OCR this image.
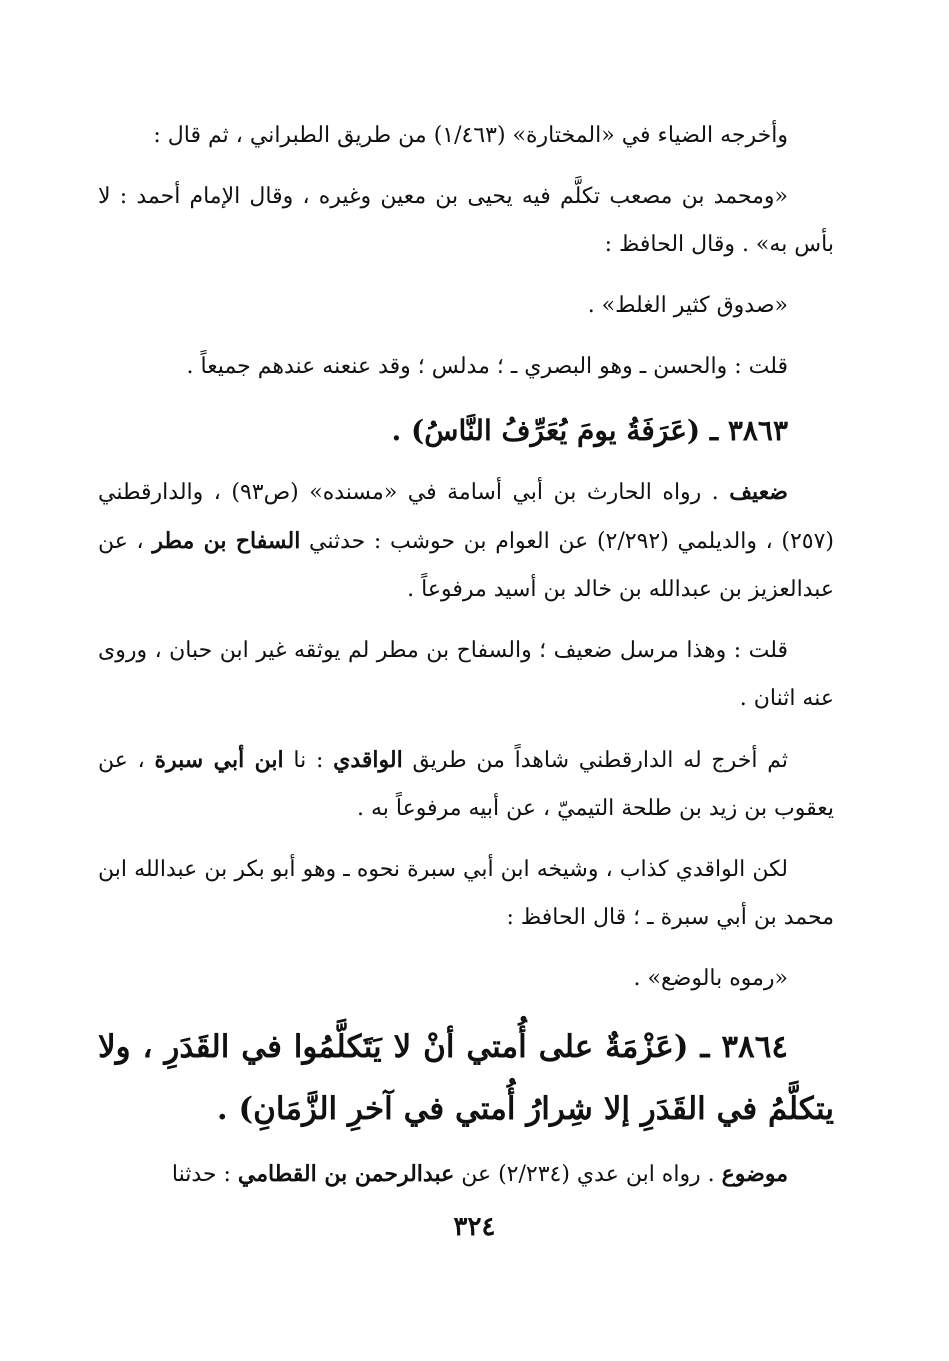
وأخرجه الضياء في «المختارة» (١/٤٦٣) من طريق الطبراني ، ثم قال :

«ومحمد بن مصعب تكلَّم فيه يحيى بن معين وغيره ، وقال الإمام أحمد : لا بأس به» . وقال الحافظ :

«صدوق كثير الغلط» .

قلت : والحسن ـ وهو البصري ـ ؛ مدلس ؛ وقد عنعنه عندهم جميعاً .

٣٨٦٣ ـ (عَرَفَةُ يومَ يُعَرِّفُ النَّاسُ) .

ضعيف . رواه الحارث بن أبي أسامة في «مسنده» (ص٩٣) ، والدارقطني (٢٥٧) ، والديلمي (٢/٢٩٢) عن العوام بن حوشب : حدثني السفاح بن مطر ، عن عبدالعزيز بن عبدالله بن خالد بن أسيد مرفوعاً .

قلت : وهذا مرسل ضعيف ؛ والسفاح بن مطر لم يوثقه غير ابن حبان ، وروى عنه اثنان .

ثم أخرج له الدارقطني شاهداً من طريق الواقدي : نا ابن أبي سبرة ، عن يعقوب بن زيد بن طلحة التيميّ ، عن أبيه مرفوعاً به .

لكن الواقدي كذاب ، وشيخه ابن أبي سبرة نحوه ـ وهو أبو بكر بن عبدالله ابن محمد بن أبي سبرة ـ ؛ قال الحافظ :

«رموه بالوضع» .

٣٨٦٤ ـ (عَزْمَةٌ على أُمتي أنْ لا يَتَكلَّمُوا في القَدَرِ ، ولا يتكلَّمُ في القَدَرِ إلا شِرارُ أُمتي في آخرِ الزَّمَانِ) .

موضوع . رواه ابن عدي (٢/٢٣٤) عن عبدالرحمن بن القطامي : حدثنا

٣٢٤
